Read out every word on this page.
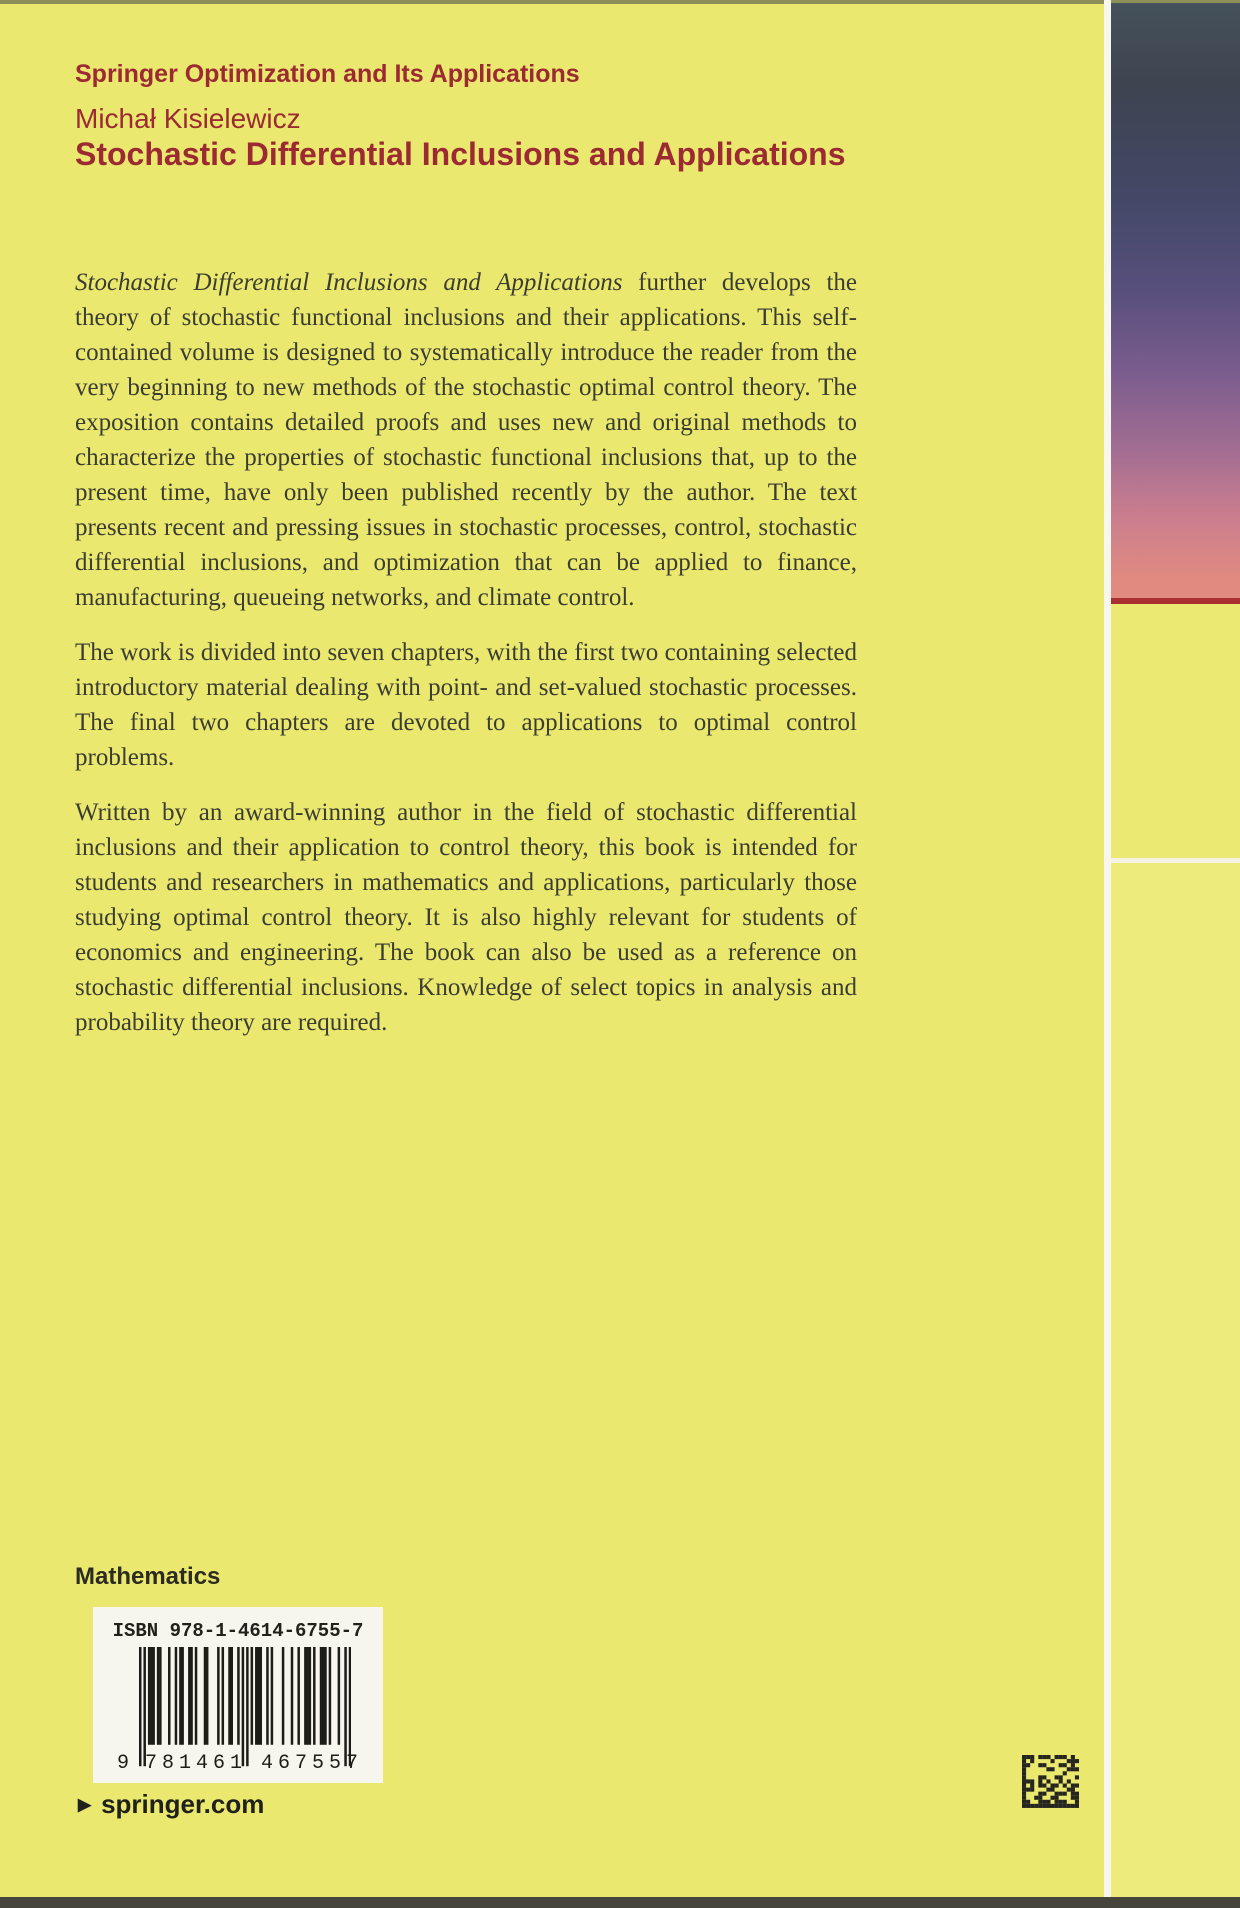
Springer Optimization and Its Applications
Michał Kisielewicz
Stochastic Differential Inclusions and Applications

Stochastic Differential Inclusions and Applications further develops the theory of stochastic functional inclusions and their applications. This self-contained volume is designed to systematically introduce the reader from the very beginning to new methods of the stochastic optimal control theory. The exposition contains detailed proofs and uses new and original methods to characterize the properties of stochastic functional inclusions that, up to the present time, have only been published recently by the author. The text presents recent and pressing issues in stochastic processes, control, stochastic differential inclusions, and optimization that can be applied to finance, manufacturing, queueing networks, and climate control.

The work is divided into seven chapters, with the first two containing selected introductory material dealing with point- and set-valued stochastic processes. The final two chapters are devoted to applications to optimal control problems.

Written by an award-winning author in the field of stochastic differential inclusions and their application to control theory, this book is intended for students and researchers in mathematics and applications, particularly those studying optimal control theory. It is also highly relevant for students of economics and engineering. The book can also be used as a reference on stochastic differential inclusions. Knowledge of select topics in analysis and probability theory are required.

Mathematics
ISBN 978-1-4614-6755-7
9 781461 467557
▶ springer.com
